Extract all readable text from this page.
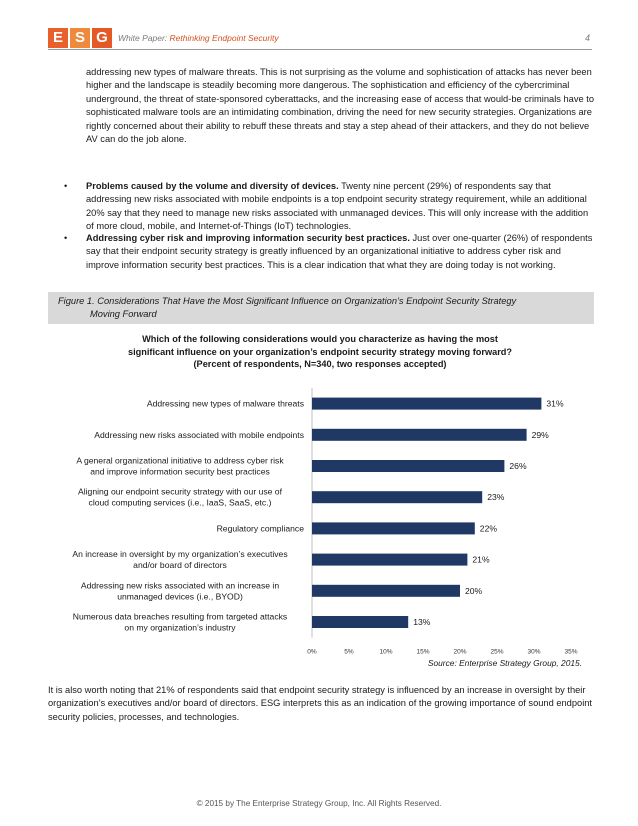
E S G	White Paper: Rethinking Endpoint Security	4

addressing new types of malware threats. This is not surprising as the volume and sophistication of attacks has never been higher and the landscape is steadily becoming more dangerous. The sophistication and efficiency of the cybercriminal underground, the threat of state-sponsored cyberattacks, and the increasing ease of access that would-be criminals have to sophisticated malware tools are an intimidating combination, driving the need for new security strategies. Organizations are rightly concerned about their ability to rebuff these threats and stay a step ahead of their attackers, and they do not believe AV can do the job alone.

• Problems caused by the volume and diversity of devices. Twenty nine percent (29%) of respondents say that addressing new risks associated with mobile endpoints is a top endpoint security strategy requirement, while an additional 20% say that they need to manage new risks associated with unmanaged devices. This will only increase with the addition of more cloud, mobile, and Internet-of-Things (IoT) technologies.
• Addressing cyber risk and improving information security best practices. Just over one-quarter (26%) of respondents say that their endpoint security strategy is greatly influenced by an organizational initiative to address cyber risk and improve information security best practices. This is a clear indication that what they are doing today is not working.
Figure 1. Considerations That Have the Most Significant Influence on Organization’s Endpoint Security Strategy
Moving Forward
Which of the following considerations would you characterize as having the most
significant influence on your organization’s endpoint security strategy moving forward?
(Percent of respondents, N=340, two responses accepted)
31%
Addressing new types of malware threats
29%
Addressing new risks associated with mobile endpoints
26%
A general organizational initiative to address cyber risk and improve information security best practices
23%
Aligning our endpoint security strategy with our use of cloud computing services (i.e., IaaS, SaaS, etc.)
22%
Regulatory compliance
21%
An increase in oversight by my organization’s executives and/or board of directors
20%
Addressing new risks associated with an increase in unmanaged devices (i.e., BYOD)
13%
Numerous data breaches resulting from targeted attacks on my organization’s industry
0%	5%	10%	15%	20%	25%	30%	35%
Source: Enterprise Strategy Group, 2015.

It is also worth noting that 21% of respondents said that endpoint security strategy is influenced by an increase in oversight by their organization’s executives and/or board of directors. ESG interprets this as an indication of the growing importance of sound endpoint security policies, processes, and technologies.

© 2015 by The Enterprise Strategy Group, Inc. All Rights Reserved.
